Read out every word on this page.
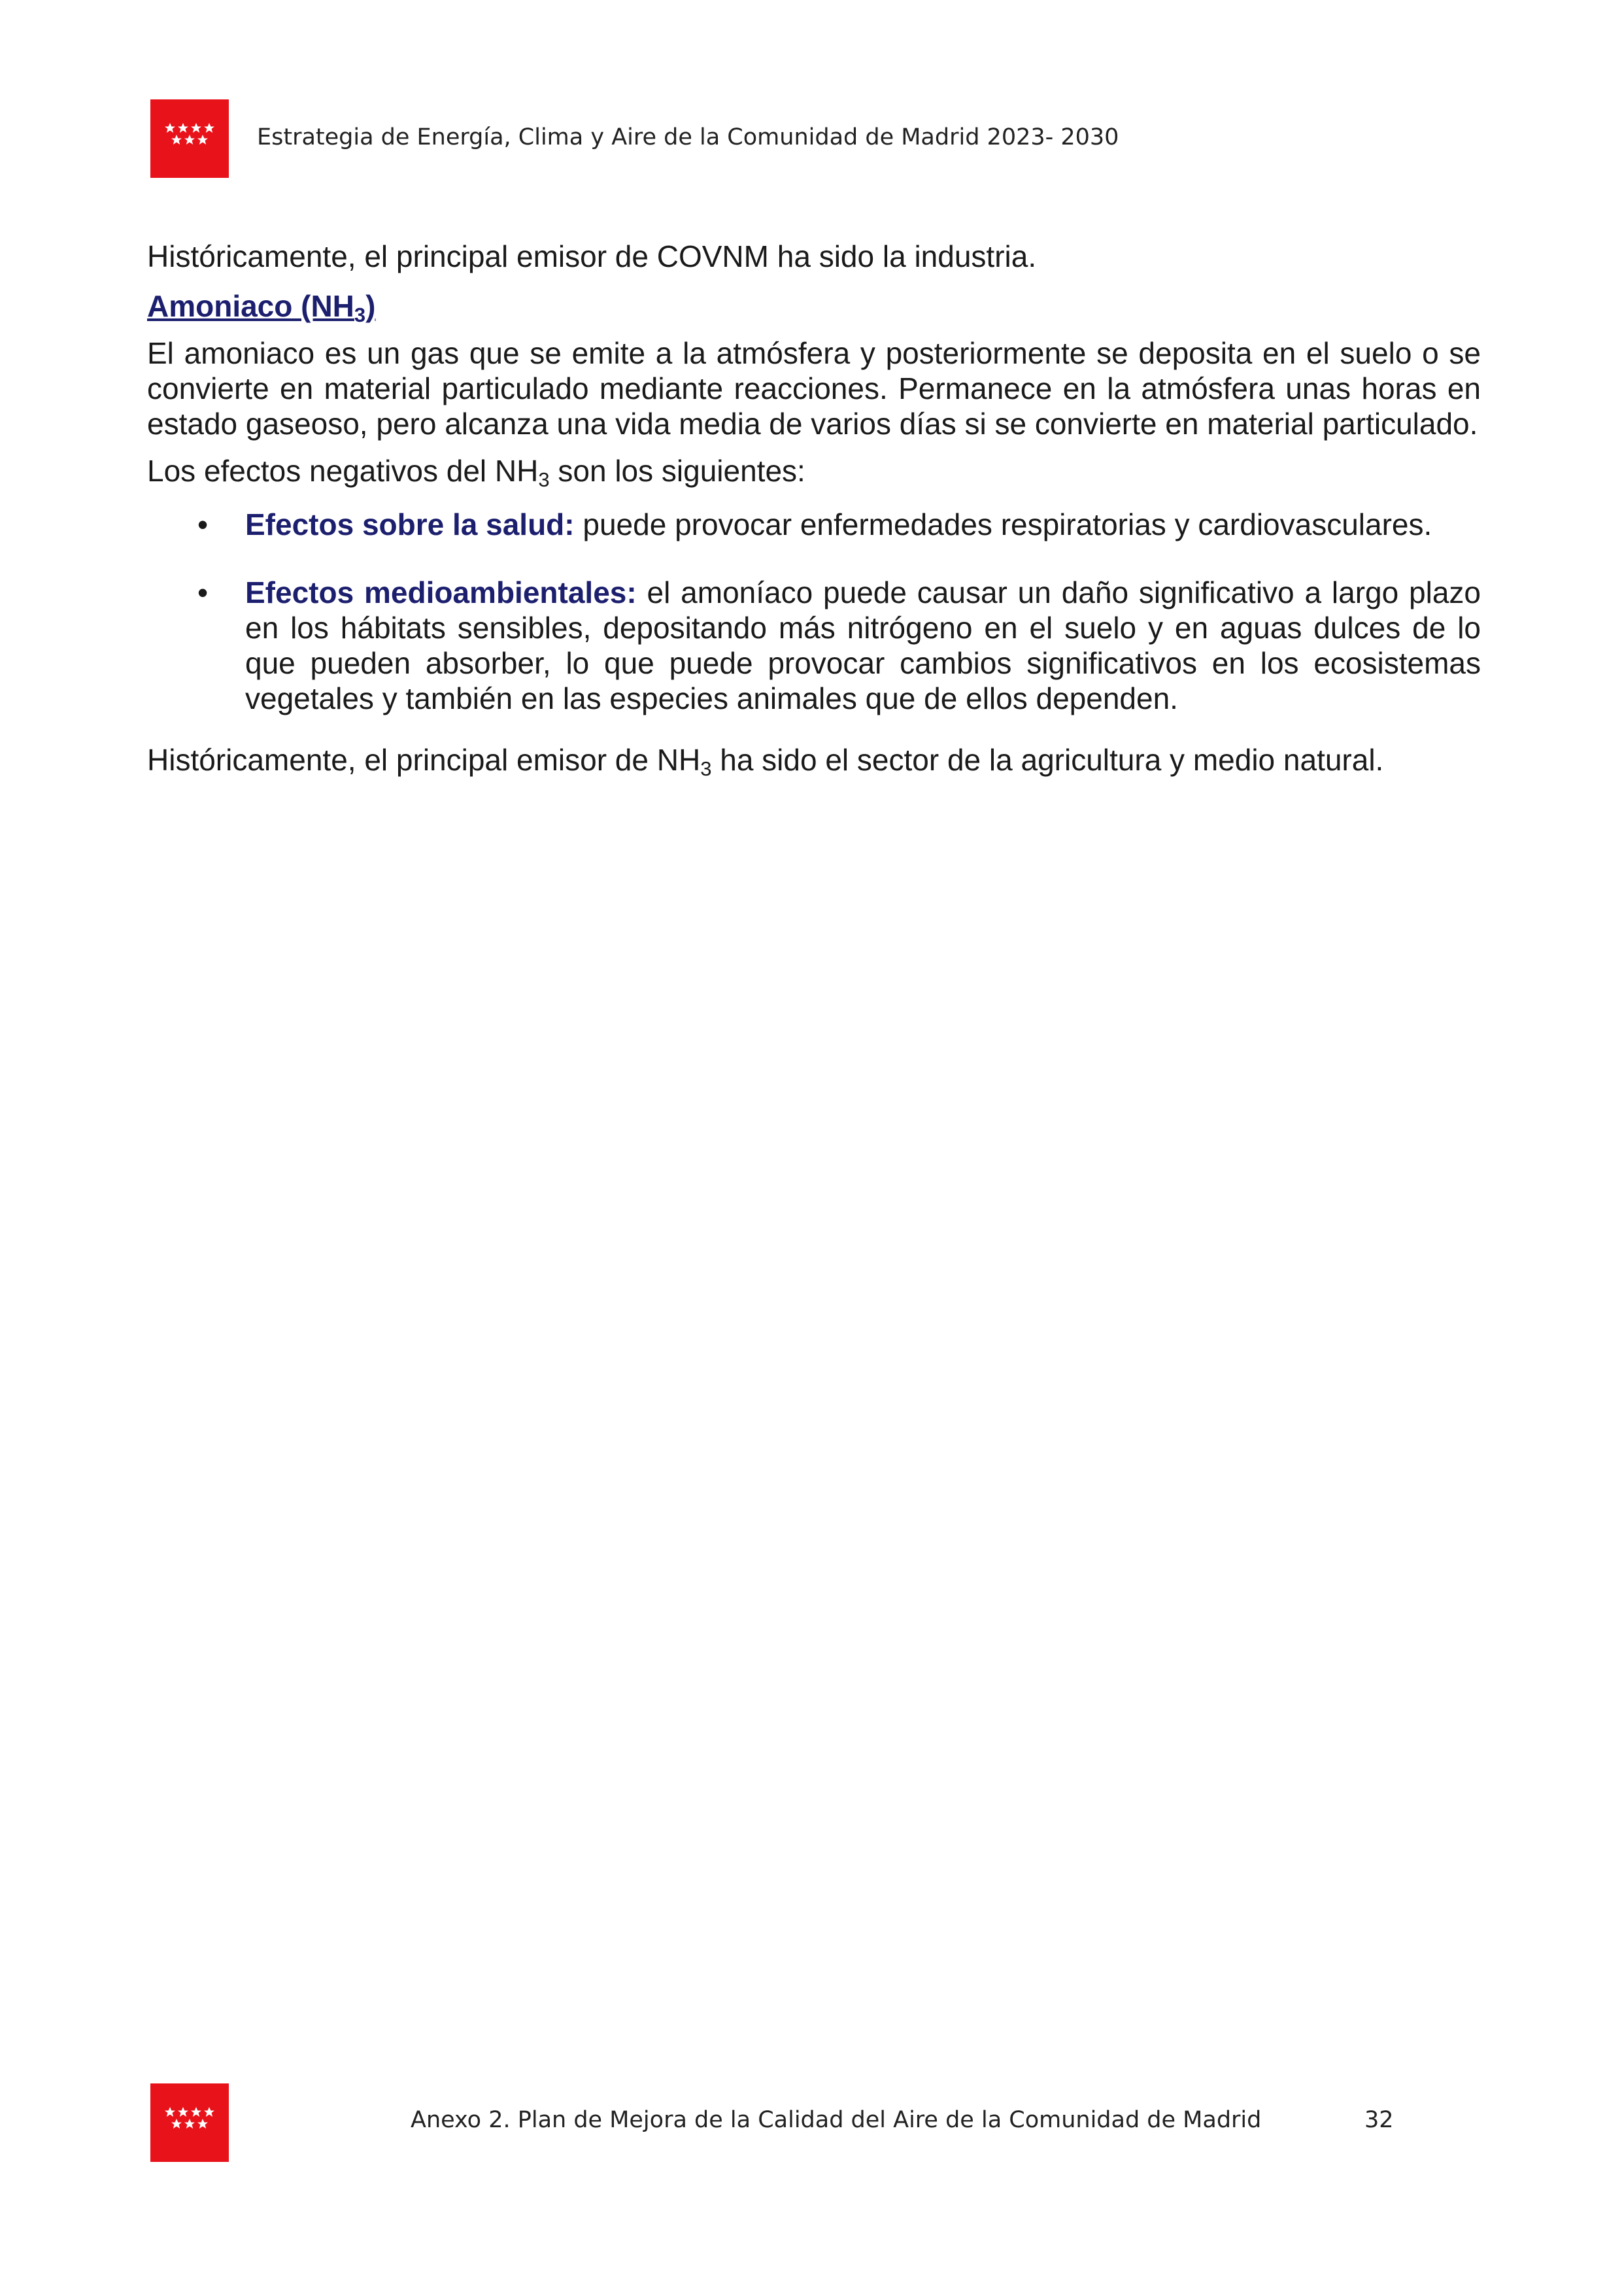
Estrategia de Energía, Clima y Aire de la Comunidad de Madrid 2023- 2030

Históricamente, el principal emisor de COVNM ha sido la industria.

Amoniaco $(NH_3)$

El amoniaco es un gas que se emite a la atmósfera y posteriormente se deposita en el suelo o se convierte en material particulado mediante reacciones. Permanece en la atmósfera unas horas en estado gaseoso, pero alcanza una vida media de varios días si se convierte en material particulado.

Los efectos negativos del $NH_3$ son los siguientes:

• Efectos sobre la salud: puede provocar enfermedades respiratorias y cardiovasculares.
• Efectos medioambientales: el amoníaco puede causar un daño significativo a largo plazo en los hábitats sensibles, depositando más nitrógeno en el suelo y en aguas dulces de lo que pueden absorber, lo que puede provocar cambios significativos en los ecosistemas vegetales y también en las especies animales que de ellos dependen.

Históricamente, el principal emisor de $NH_3$ ha sido el sector de la agricultura y medio natural.

Anexo 2. Plan de Mejora de la Calidad del Aire de la Comunidad de Madrid	32
